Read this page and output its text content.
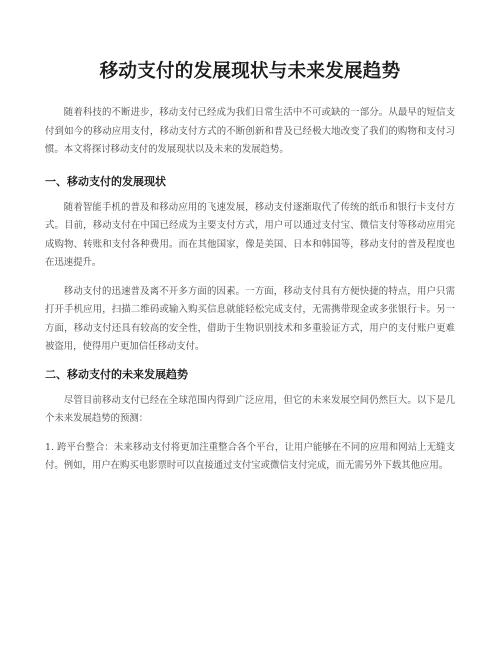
移动支付的发展现状与未来发展趋势

随着科技的不断进步，移动支付已经成为我们日常生活中不可或缺的一部分。从最早的短信支付到如今的移动应用支付，移动支付方式的不断创新和普及已经极大地改变了我们的购物和支付习惯。本文将探讨移动支付的发展现状以及未来的发展趋势。

一、移动支付的发展现状

随着智能手机的普及和移动应用的飞速发展，移动支付逐渐取代了传统的纸币和银行卡支付方式。目前，移动支付在中国已经成为主要支付方式，用户可以通过支付宝、微信支付等移动应用完成购物、转账和支付各种费用。而在其他国家，像是美国、日本和韩国等，移动支付的普及程度也在迅速提升。

移动支付的迅速普及离不开多方面的因素。一方面，移动支付具有方便快捷的特点，用户只需打开手机应用，扫描二维码或输入购买信息就能轻松完成支付，无需携带现金或多张银行卡。另一方面，移动支付还具有较高的安全性，借助于生物识别技术和多重验证方式，用户的支付账户更难被盗用，使得用户更加信任移动支付。

二、移动支付的未来发展趋势

尽管目前移动支付已经在全球范围内得到广泛应用，但它的未来发展空间仍然巨大。以下是几个未来发展趋势的预测：

1. 跨平台整合：未来移动支付将更加注重整合各个平台，让用户能够在不同的应用和网站上无缝支付。例如，用户在购买电影票时可以直接通过支付宝或微信支付完成，而无需另外下载其他应用。
